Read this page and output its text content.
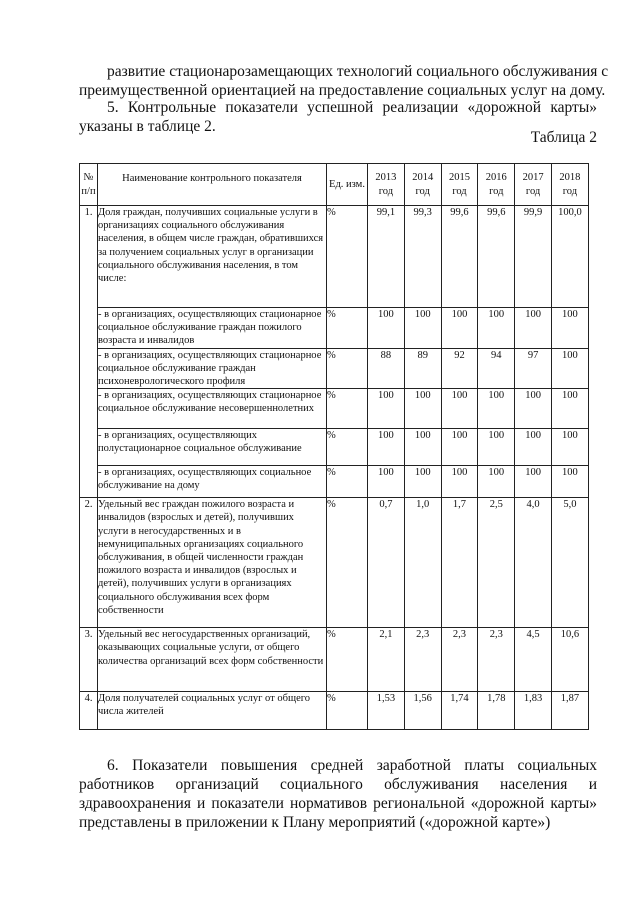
развитие стационарозамещающих технологий социального обслуживания с
преимущественной ориентацией на предоставление социальных услуг на дому.
5. Контрольные показатели успешной реализации «дорожной карты»
указаны в таблице 2.
Таблица 2
№ п/п	Наименование контрольного показателя	Ед. изм.	2013 год	2014 год	2015 год	2016 год	2017 год	2018 год
1.	Доля граждан, получивших социальные услуги в организациях социального обслуживания населения, в общем числе граждан, обратившихся за получением социальных услуг в организации социального обслуживания населения, в том числе:	%	99,1	99,3	99,6	99,6	99,9	100,0
	- в организациях, осуществляющих стационарное социальное обслуживание граждан пожилого возраста и инвалидов	%	100	100	100	100	100	100
	- в организациях, осуществляющих стационарное социальное обслуживание граждан психоневрологического профиля	%	88	89	92	94	97	100
	- в организациях, осуществляющих стационарное социальное обслуживание несовершеннолетних	%	100	100	100	100	100	100
	- в организациях, осуществляющих полустационарное социальное обслуживание	%	100	100	100	100	100	100
	- в организациях, осуществляющих социальное обслуживание на дому	%	100	100	100	100	100	100
2.	Удельный вес граждан пожилого возраста и инвалидов (взрослых и детей), получивших услуги в негосударственных и в немуниципальных организациях социального обслуживания, в общей численности граждан пожилого возраста и инвалидов (взрослых и детей), получивших услуги в организациях социального обслуживания всех форм собственности	%	0,7	1,0	1,7	2,5	4,0	5,0
3.	Удельный вес негосударственных организаций, оказывающих социальные услуги, от общего количества организаций всех форм собственности	%	2,1	2,3	2,3	2,3	4,5	10,6
4.	Доля получателей социальных услуг от общего числа жителей	%	1,53	1,56	1,74	1,78	1,83	1,87
6. Показатели повышения средней заработной платы социальных
работников организаций социального обслуживания населения и
здравоохранения и показатели нормативов региональной «дорожной карты»
представлены в приложении к Плану мероприятий («дорожной карте»)
